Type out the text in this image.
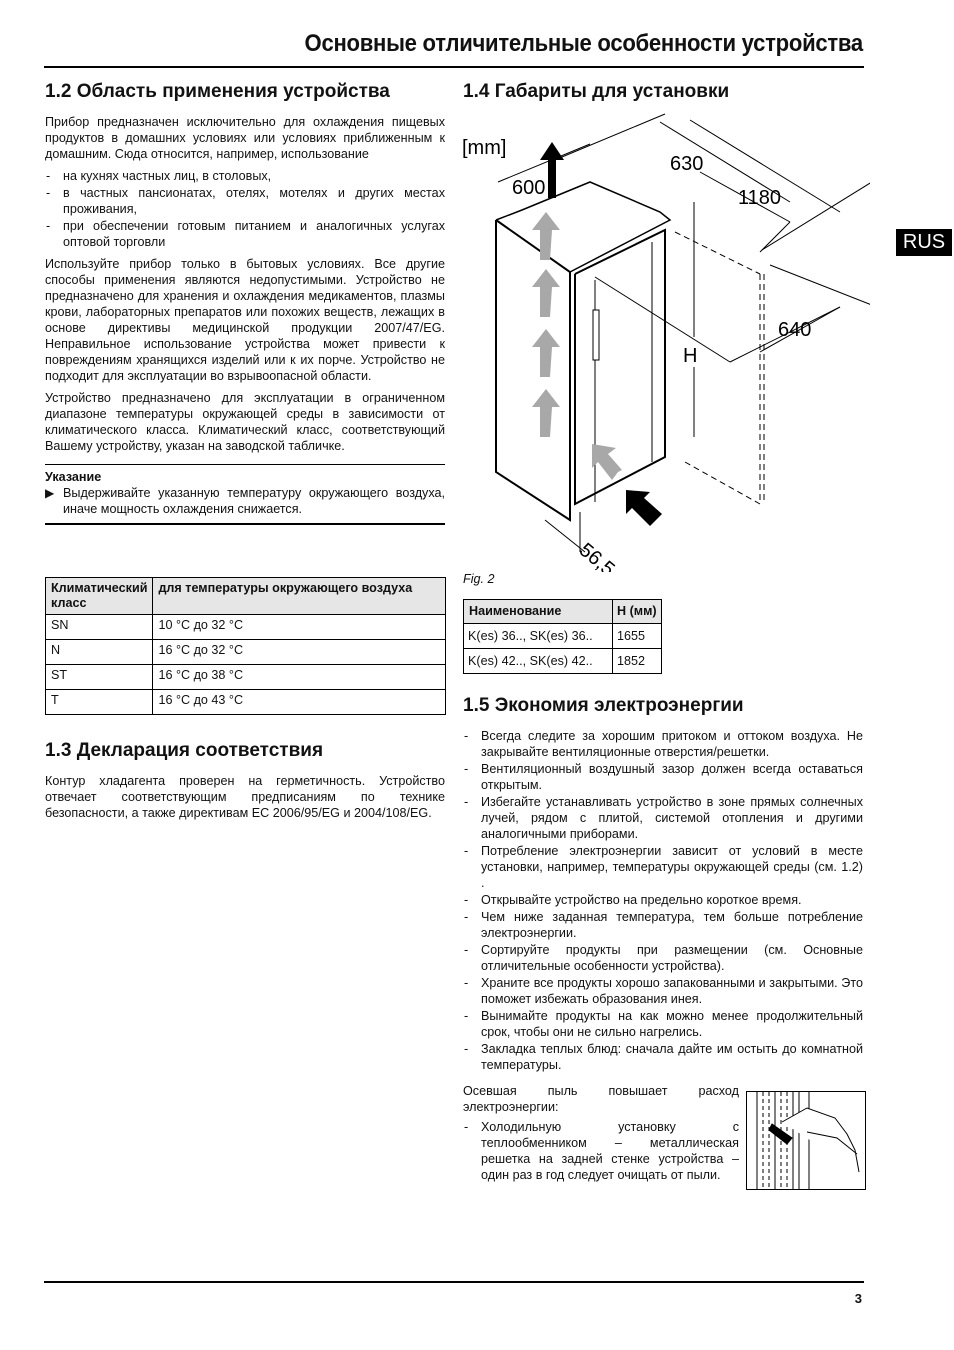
Основные отличительные особенности устройства
RUS
1.2 Область применения устройства

Прибор предназначен исключительно для охлаждения пищевых продуктов в домашних условиях или условиях приближенным к домашним. Сюда относится, например, использование

- на кухнях частных лиц, в столовых,
- в частных пансионатах, отелях, мотелях и других местах проживания,
- при обеспечении готовым питанием и аналогичных услугах оптовой торговли

Используйте прибор только в бытовых условиях. Все другие способы применения являются недопустимыми. Устройство не предназначено для хранения и охлаждения медикаментов, плазмы крови, лабораторных препаратов или похожих веществ, лежащих в основе директивы медицинской продукции 2007/47/EG. Неправильное использование устройства может привести к повреждениям хранящихся изделий или к их порче. Устройство не подходит для эксплуатации во взрывоопасной области.

Устройство предназначено для эксплуатации в ограниченном диапазоне температуры окружающей среды в зависимости от климатического класса. Климатический класс, соответствующий Вашему устройству, указан на заводской табличке.

Указание
▶ Выдерживайте указанную температуру окружающего воздуха, иначе мощность охлаждения снижается.
Климатический класс	для температуры окружающего воздуха
SN	10 °C до 32 °C
N	16 °C до 32 °C
ST	16 °C до 38 °C
T	16 °C до 43 °C
1.3 Декларация соответствия

Контур хладагента проверен на герметичность. Устройство отвечает соответствующим предписаниям по технике безопасности, а также директивам EC 2006/95/EG и 2004/108/EG.

1.4 Габариты для установки
[mm]
600
630
1180
640
H
56,5
Fig. 2
Наименование	H (мм)
K(es) 36.., SK(es) 36..	1655
K(es) 42.., SK(es) 42..	1852
1.5 Экономия электроэнергии
- Всегда следите за хорошим притоком и оттоком воздуха. Не закрывайте вентиляционные отверстия/решетки.
- Вентиляционный воздушный зазор должен всегда оставаться открытым.
- Избегайте устанавливать устройство в зоне прямых солнечных лучей, рядом с плитой, системой отопления и другими аналогичными приборами.
- Потребление электроэнергии зависит от условий в месте установки, например, температуры окружающей среды (см. 1.2) .
- Открывайте устройство на предельно короткое время.
- Чем ниже заданная температура, тем больше потребление электроэнергии.
- Сортируйте продукты при размещении (см. Основные отличительные особенности устройства).
- Храните все продукты хорошо запакованными и закрытыми. Это поможет избежать образования инея.
- Вынимайте продукты на как можно менее продолжительный срок, чтобы они не сильно нагрелись.
- Закладка теплых блюд: сначала дайте им остыть до комнатной температуры.

Осевшая пыль повышает расход электроэнергии:

- Холодильную установку с теплообменником – металлическая решетка на задней стенке устройства – один раз в год следует очищать от пыли.
3
